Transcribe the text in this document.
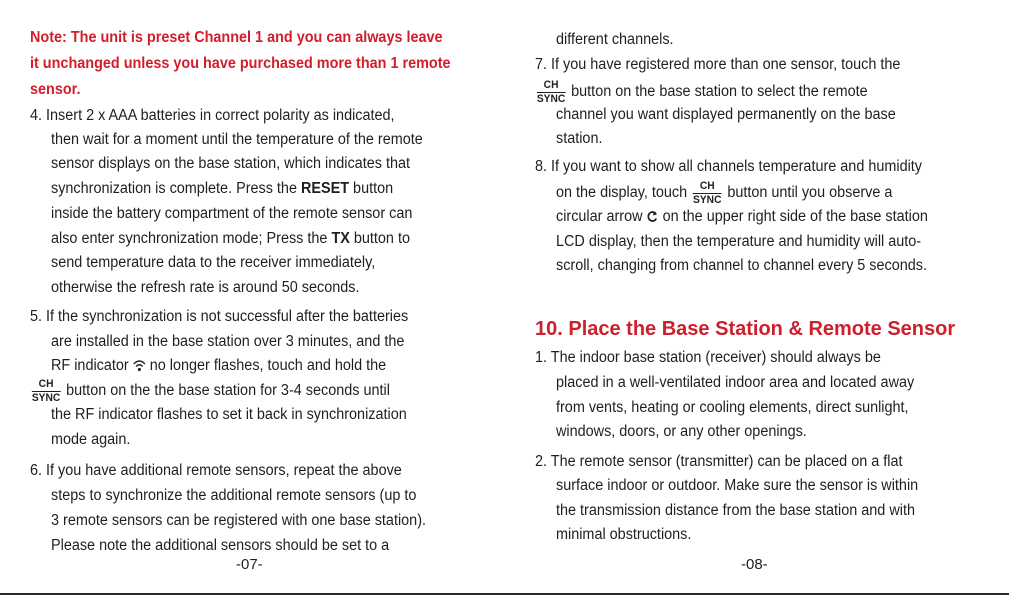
Note: The unit is preset Channel 1 and you can always leave
it unchanged unless you have purchased more than 1 remote
sensor.
4. Insert 2 x AAA batteries in correct polarity as indicated,
then wait for a moment until the temperature of the remote
sensor displays on the base station, which indicates that
synchronization is complete. Press the RESET button
inside the battery compartment of the remote sensor can
also enter synchronization mode; Press the TX button to
send temperature data to the receiver immediately,
otherwise the refresh rate is around 50 seconds.
5. If the synchronization is not successful after the batteries
are installed in the base station over 3 minutes, and the
RF indicator  no longer flashes, touch and hold the
CH
SYNC button on the the base station for 3-4 seconds until
the RF indicator flashes to set it back in synchronization
mode again.
6. If you have additional remote sensors, repeat the above
steps to synchronize the additional remote sensors (up to
3 remote sensors can be registered with one base station).
Please note the additional sensors should be set to a
-07-
different channels.
7. If you have registered more than one sensor, touch the
CH
SYNC button on the base station to select the remote
channel you want displayed permanently on the base
station.
8. If you want to show all channels temperature and humidity
on the display, touch CH
SYNC button until you observe a
circular arrow  on the upper right side of the base station
LCD display, then the temperature and humidity will auto-
scroll, changing from channel to channel every 5 seconds.
10. Place the Base Station & Remote Sensor
1. The indoor base station (receiver) should always be
placed in a well-ventilated indoor area and located away
from vents, heating or cooling elements, direct sunlight,
windows, doors, or any other openings.
2. The remote sensor (transmitter) can be placed on a flat
surface indoor or outdoor. Make sure the sensor is within
the transmission distance from the base station and with
minimal obstructions.
-08-
